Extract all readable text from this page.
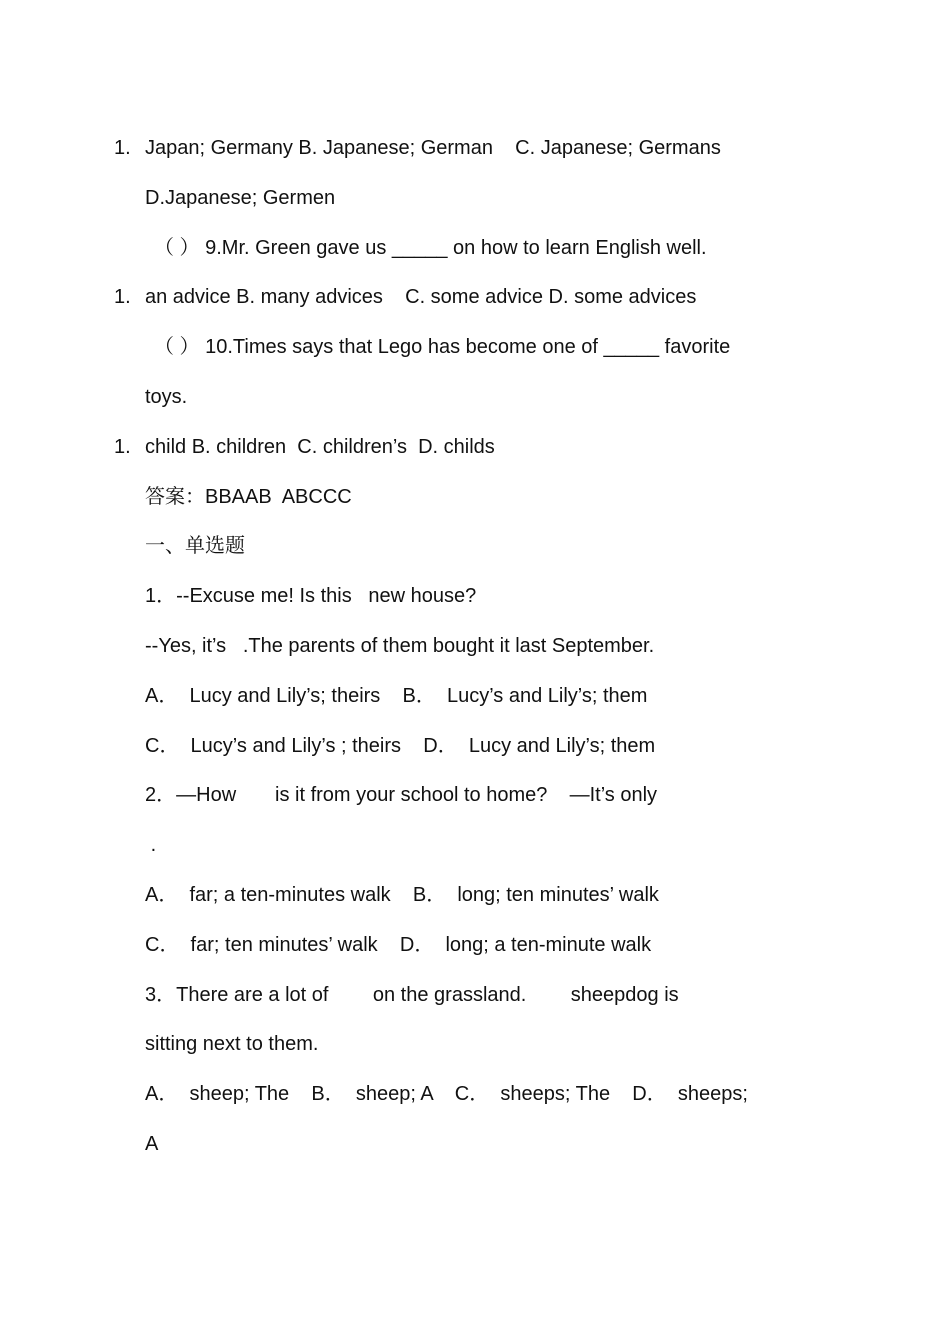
1. Japan; Germany B. Japanese; German    C. Japanese; Germans
D.Japanese; Germen
（ ） 9.Mr. Green gave us _____ on how to learn English well.
1. an advice B. many advices    C. some advice D. some advices
（ ） 10.Times says that Lego has become one of _____ favorite
toys.
1. child B. children  C. children’s  D. childs
答案：BBAAB  ABCCC
一、单选题
1．--Excuse me! Is this   new house?
--Yes, it’s   .The parents of them bought it last September.
A．  Lucy and Lily’s; theirs    B．  Lucy’s and Lily’s; them
C．  Lucy’s and Lily’s ; theirs    D．  Lucy and Lily’s; them
2．—How       is it from your school to home?    —It’s only
.
A．  far; a ten-minutes walk    B．  long; ten minutes’ walk
C．  far; ten minutes’ walk    D．  long; a ten-minute walk
3．There are a lot of        on the grassland.        sheepdog is
sitting next to them.
A．  sheep; The    B．  sheep; A    C．  sheeps; The    D．  sheeps;
A
